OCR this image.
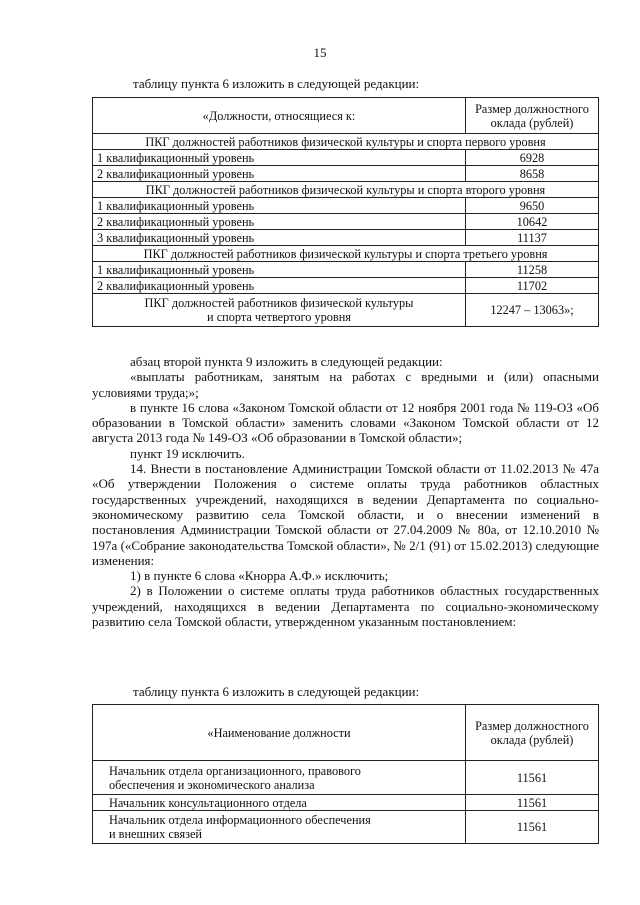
15
таблицу пункта 6 изложить в следующей редакции:
«Должности, относящиеся к:	Размер должностного
оклада (рублей)
ПКГ должностей работников физической культуры и спорта первого уровня	
1 квалификационный уровень	6928
2 квалификационный уровень	8658
ПКГ должностей работников физической культуры и спорта второго уровня	
1 квалификационный уровень	9650
2 квалификационный уровень	10642
3 квалификационный уровень	11137
ПКГ должностей работников физической культуры и спорта третьего уровня	
1 квалификационный уровень	11258
2 квалификационный уровень	11702
ПКГ должностей работников физической культуры
и спорта четвертого уровня	12247 – 13063»;

абзац второй пункта 9 изложить в следующей редакции:

«выплаты работникам, занятым на работах с вредными и (или) опасными условиями труда;»;

в пункте 16 слова «Законом Томской области от 12 ноября 2001 года № 119-ОЗ «Об образовании в Томской области» заменить словами «Законом Томской области от 12 августа 2013 года № 149-ОЗ «Об образовании в Томской области»;

пункт 19 исключить.

14. Внести в постановление Администрации Томской области от 11.02.2013 № 47а «Об утверждении Положения о системе оплаты труда работников областных государственных учреждений, находящихся в ведении Департамента по социально-экономическому развитию села Томской области, и о внесении изменений в постановления Администрации Томской области от 27.04.2009 № 80а, от 12.10.2010 № 197а («Собрание законодательства Томской области», № 2/1 (91) от 15.02.2013) следующие изменения:

1) в пункте 6 слова «Кнорра А.Ф.» исключить;

2) в Положении о системе оплаты труда работников областных государственных учреждений, находящихся в ведении Департамента по социально-экономическому развитию села Томской области, утвержденном указанным постановлением:

таблицу пункта 6 изложить в следующей редакции:
«Наименование должности	Размер должностного
оклада (рублей)
Начальник отдела организационного, правового
обеспечения и экономического анализа	11561
Начальник консультационного отдела	11561
Начальник отдела информационного обеспечения
и внешних связей	11561
